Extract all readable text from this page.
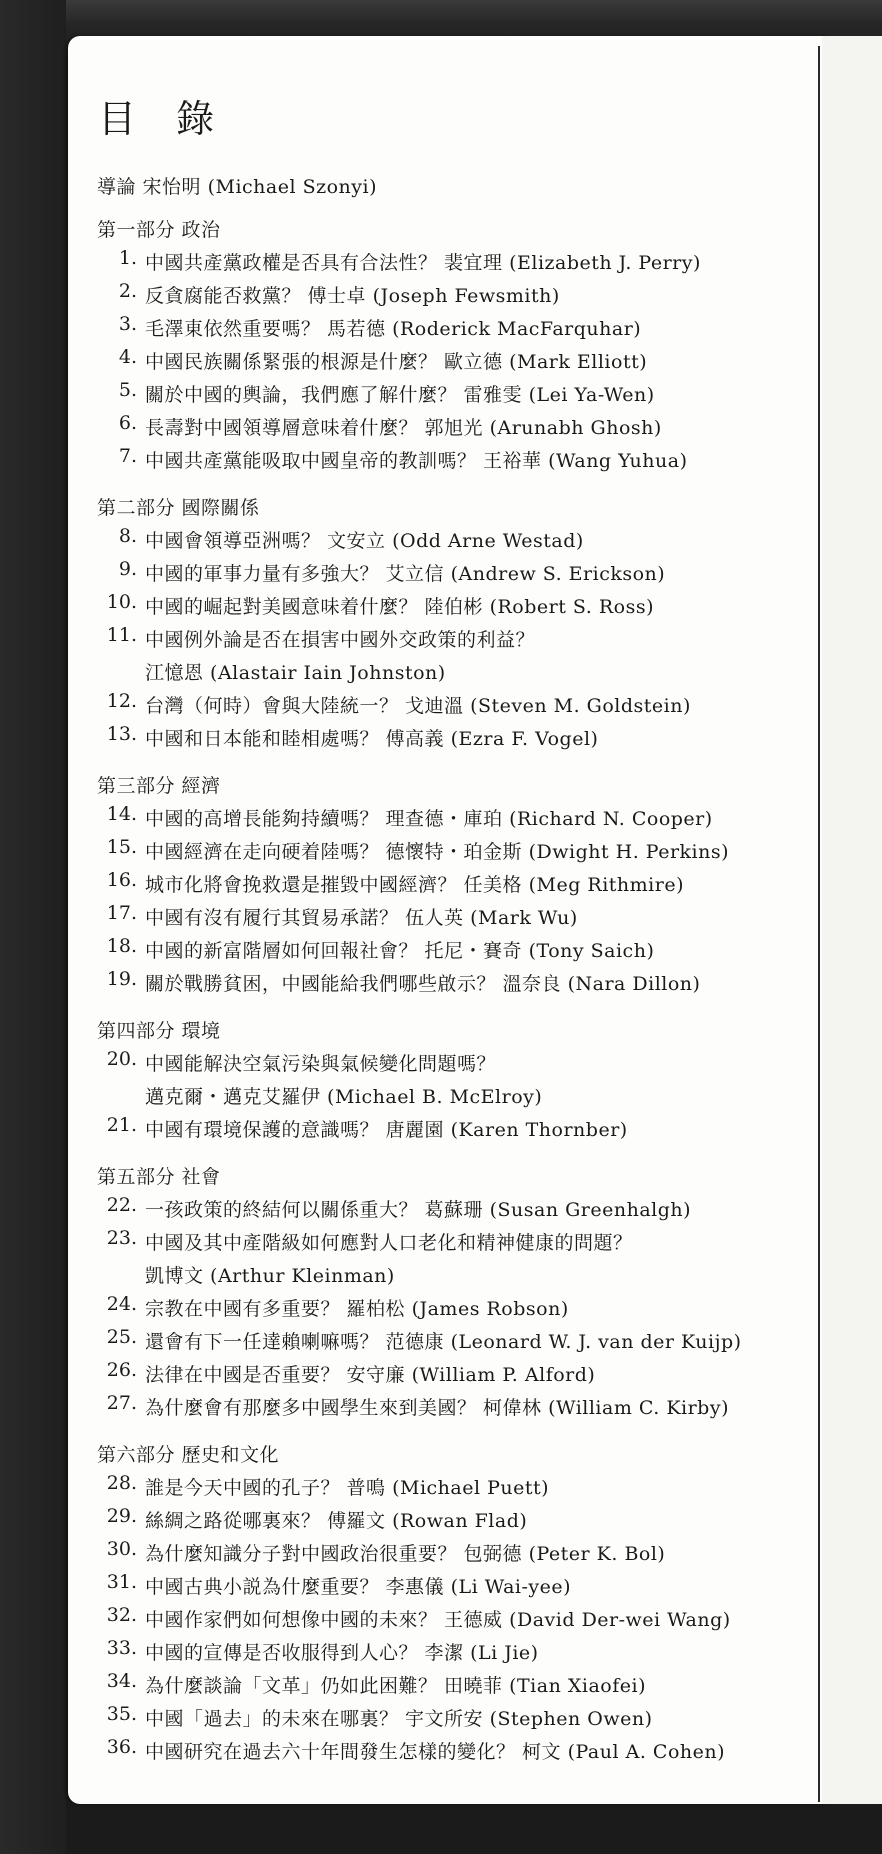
目 錄
導論 宋怡明 (Michael Szonyi)
第一部分 政治
1. 中國共產黨政權是否具有合法性？ 裴宜理 (Elizabeth J. Perry)
2. 反貪腐能否救黨？ 傅士卓 (Joseph Fewsmith)
3. 毛澤東依然重要嗎？ 馬若德 (Roderick MacFarquhar)
4. 中國民族關係緊張的根源是什麼？ 歐立德 (Mark Elliott)
5. 關於中國的輿論，我們應了解什麼？ 雷雅雯 (Lei Ya-Wen)
6. 長壽對中國領導層意味着什麼？ 郭旭光 (Arunabh Ghosh)
7. 中國共產黨能吸取中國皇帝的教訓嗎？ 王裕華 (Wang Yuhua)
第二部分 國際關係
8. 中國會領導亞洲嗎？ 文安立 (Odd Arne Westad)
9. 中國的軍事力量有多強大？ 艾立信 (Andrew S. Erickson)
10. 中國的崛起對美國意味着什麼？ 陸伯彬 (Robert S. Ross)
11. 中國例外論是否在損害中國外交政策的利益？
江憶恩 (Alastair Iain Johnston)
12. 台灣（何時）會與大陸統一？ 戈迪溫 (Steven M. Goldstein)
13. 中國和日本能和睦相處嗎？ 傅高義 (Ezra F. Vogel)
第三部分 經濟
14. 中國的高增長能夠持續嗎？ 理查德・庫珀 (Richard N. Cooper)
15. 中國經濟在走向硬着陸嗎？ 德懷特・珀金斯 (Dwight H. Perkins)
16. 城市化將會挽救還是摧毀中國經濟？ 任美格 (Meg Rithmire)
17. 中國有沒有履行其貿易承諾？ 伍人英 (Mark Wu)
18. 中國的新富階層如何回報社會？ 托尼・賽奇 (Tony Saich)
19. 關於戰勝貧困，中國能給我們哪些啟示？ 溫奈良 (Nara Dillon)
第四部分 環境
20. 中國能解決空氣污染與氣候變化問題嗎？
邁克爾・邁克艾羅伊 (Michael B. McElroy)
21. 中國有環境保護的意識嗎？ 唐麗園 (Karen Thornber)
第五部分 社會
22. 一孩政策的終結何以關係重大？ 葛蘇珊 (Susan Greenhalgh)
23. 中國及其中產階級如何應對人口老化和精神健康的問題？
凱博文 (Arthur Kleinman)
24. 宗教在中國有多重要？ 羅柏松 (James Robson)
25. 還會有下一任達賴喇嘛嗎？ 范德康 (Leonard W. J. van der Kuijp)
26. 法律在中國是否重要？ 安守廉 (William P. Alford)
27. 為什麼會有那麼多中國學生來到美國？ 柯偉林 (William C. Kirby)
第六部分 歷史和文化
28. 誰是今天中國的孔子？ 普鳴 (Michael Puett)
29. 絲綢之路從哪裏來？ 傅羅文 (Rowan Flad)
30. 為什麼知識分子對中國政治很重要？ 包弼德 (Peter K. Bol)
31. 中國古典小説為什麼重要？ 李惠儀 (Li Wai-yee)
32. 中國作家們如何想像中國的未來？ 王德威 (David Der-wei Wang)
33. 中國的宣傳是否收服得到人心？ 李潔 (Li Jie)
34. 為什麼談論「文革」仍如此困難？ 田曉菲 (Tian Xiaofei)
35. 中國「過去」的未來在哪裏？ 宇文所安 (Stephen Owen)
36. 中國研究在過去六十年間發生怎樣的變化？ 柯文 (Paul A. Cohen)
